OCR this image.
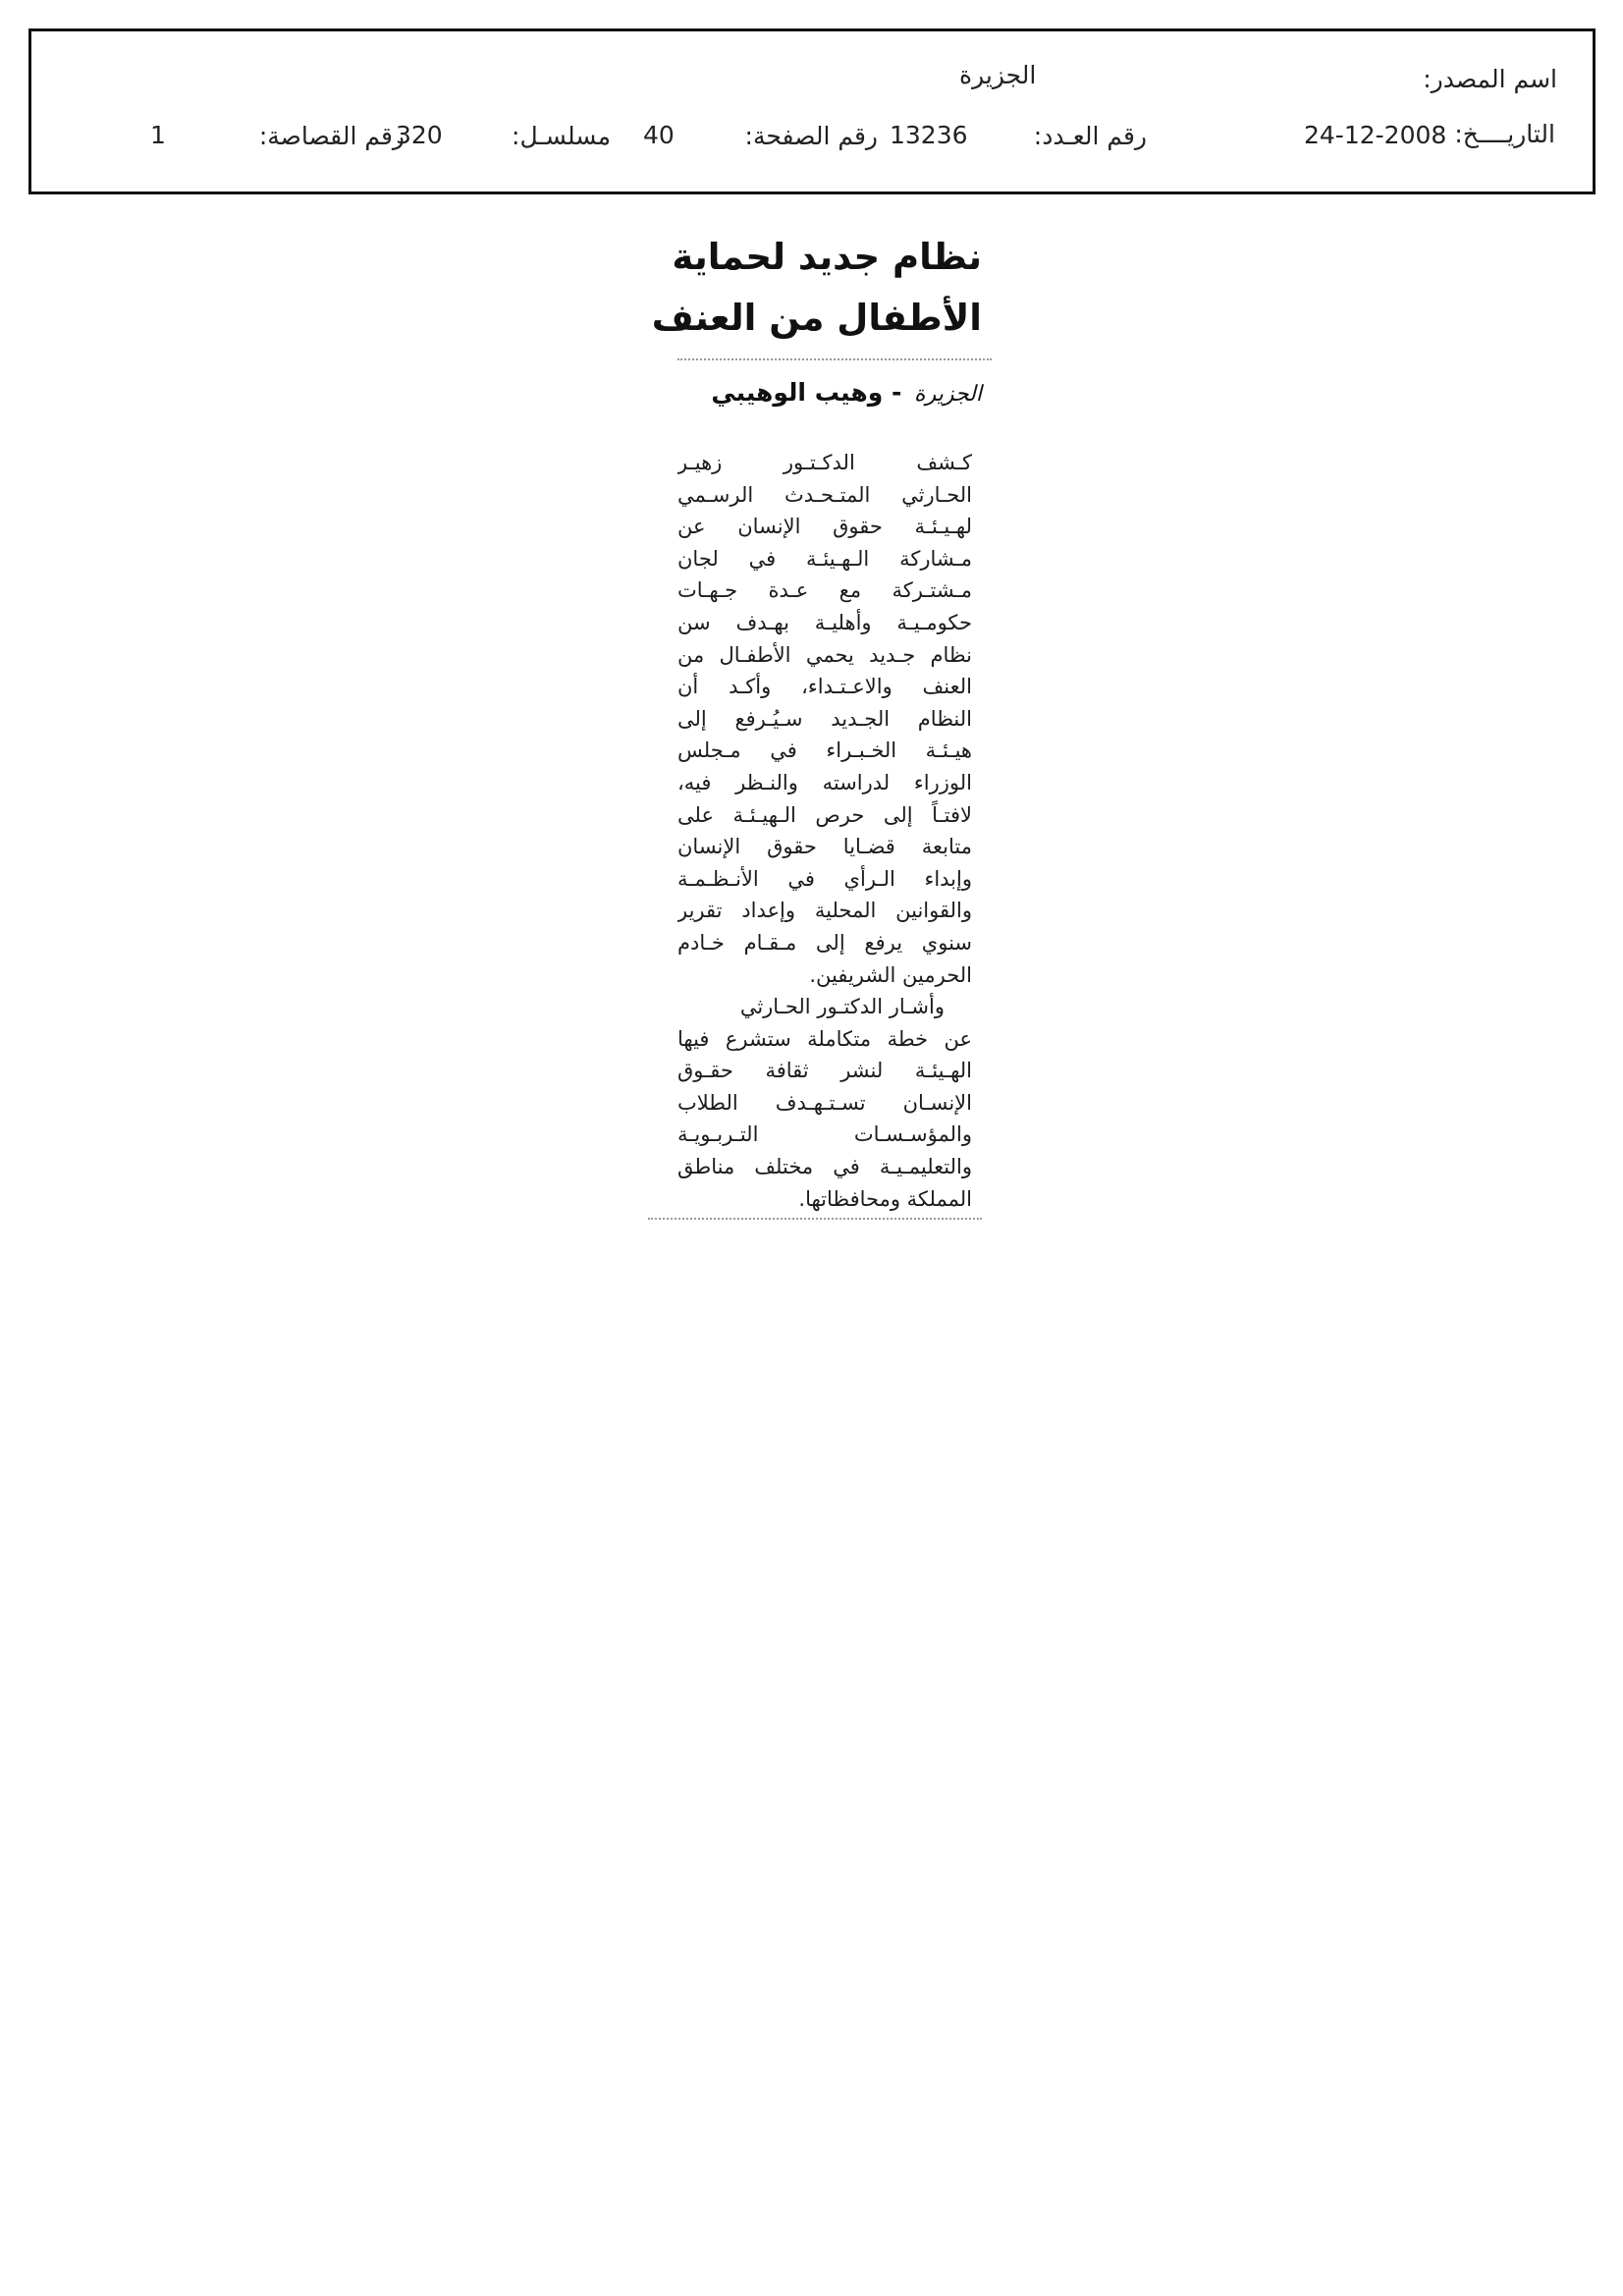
اسم المصدر:
الجزيرة
التاريــــخ:
24-12-2008
رقم العـدد:
13236
رقم الصفحة:
40
مسلسـل:
320
رقم القصاصة:
1
نظام جديد لحماية
الأطفال من العنف
الجزيرة - وهيب الوهيبي
كـشف الدكـتـور زهيـر
الحـارثي المتـحـدث الرسـمي
لهـيـئـة حقوق الإنسان عن
مـشاركة الـهـيئـة في لجان
مـشتـركة مع عـدة جـهـات
حكومـيـة وأهليـة بهـدف سن
نظام جـديد يحمي الأطفـال من
العنف والاعـتـداء، وأكـد أن
النظام الجـديد سـيُـرفع إلى
هيـئـة الخـبـراء في مـجلس
الوزراء لدراسته والنـظر فيه،
لافتـاً إلى حرص الـهيـئـة على
متابعة قضـايا حقوق الإنسان
وإبداء الـرأي في الأنـظـمـة
والقوانين المحلية وإعداد تقرير
سنوي يرفع إلى مـقـام خـادم
الحرمين الشريفين.
وأشـار الدكتـور الحـارثي
عن خطة متكاملة ستشرع فيها
الهـيئـة لنشر ثقافة حقـوق
الإنسـان تسـتـهـدف الطلاب
والمؤسـسـات التـربـويـة
والتعليمـيـة في مختلف مناطق
المملكة ومحافظاتها.
